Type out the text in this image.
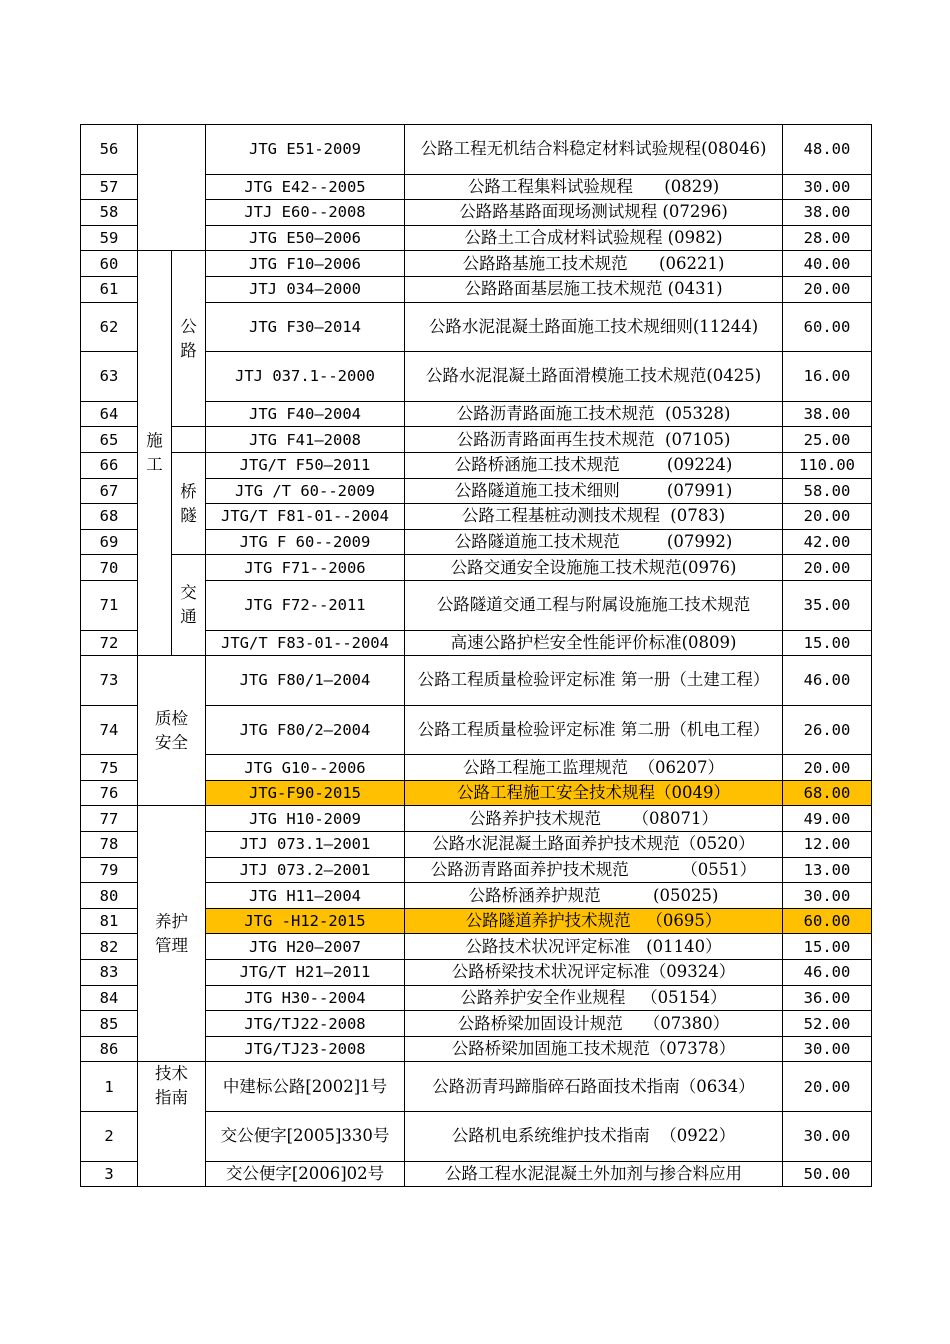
56			JTG E51-2009	公路工程无机结合料稳定材料试验规程(08046)	48.00
57			JTG E42--2005	公路工程集料试验规程      (0829)	30.00
58			JTJ E60--2008	公路路基路面现场测试规程 (07296)	38.00
59			JTG E50—2006	公路土工合成材料试验规程 (0982)	28.00
60	施工	公路	JTG F10—2006	公路路基施工技术规范      (06221)	40.00
61			JTJ 034—2000	公路路面基层施工技术规范 (0431)	20.00
62			JTG F30—2014	公路水泥混凝土路面施工技术规细则(11244)	60.00
63			JTJ 037.1--2000	公路水泥混凝土路面滑模施工技术规范(0425)	16.00
64			JTG F40—2004	公路沥青路面施工技术规范  (05328)	38.00
65			JTG F41—2008	公路沥青路面再生技术规范  (07105)	25.00
66		桥隧	JTG/T F50—2011	公路桥涵施工技术规范         (09224)	110.00
67			JTG /T 60--2009	公路隧道施工技术细则         (07991)	58.00
68			JTG/T F81-01--2004	公路工程基桩动测技术规程  (0783)	20.00
69			JTG F 60--2009	公路隧道施工技术规范         (07992)	42.00
70		交通	JTG F71--2006	公路交通安全设施施工技术规范(0976)	20.00
71			JTG F72--2011	公路隧道交通工程与附属设施施工技术规范	35.00
72			JTG/T F83-01--2004	高速公路护栏安全性能评价标准(0809)	15.00
73	质检安全		JTG F80/1—2004	公路工程质量检验评定标准 第一册（土建工程）	46.00
74			JTG F80/2—2004	公路工程质量检验评定标准 第二册（机电工程）	26.00
75			JTG G10--2006	公路工程施工监理规范  （06207）	20.00
76			JTG-F90-2015	公路工程施工安全技术规程（0049）	68.00
77	养护管理		JTG H10-2009	公路养护技术规范      （08071）	49.00
78			JTJ 073.1—2001	公路水泥混凝土路面养护技术规范（0520）	12.00
79			JTJ 073.2—2001	公路沥青路面养护技术规范          （0551）	13.00
80			JTG H11—2004	公路桥涵养护规范          (05025)	30.00
81			JTG -H12-2015	公路隧道养护技术规范   （0695）	60.00
82			JTG H20—2007	公路技术状况评定标准   (01140）	15.00
83			JTG/T H21—2011	公路桥梁技术状况评定标准（09324）	46.00
84			JTG H30--2004	公路养护安全作业规程   （05154）	36.00
85			JTG/TJ22-2008	公路桥梁加固设计规范    （07380）	52.00
86			JTG/TJ23-2008	公路桥梁加固施工技术规范（07378）	30.00
1	技术指南		中建标公路[2002]1号	公路沥青玛蹄脂碎石路面技术指南（0634）	20.00
2			交公便字[2005]330号	公路机电系统维护技术指南  （0922）	30.00
3			交公便字[2006]02号	公路工程水泥混凝土外加剂与掺合料应用	50.00
